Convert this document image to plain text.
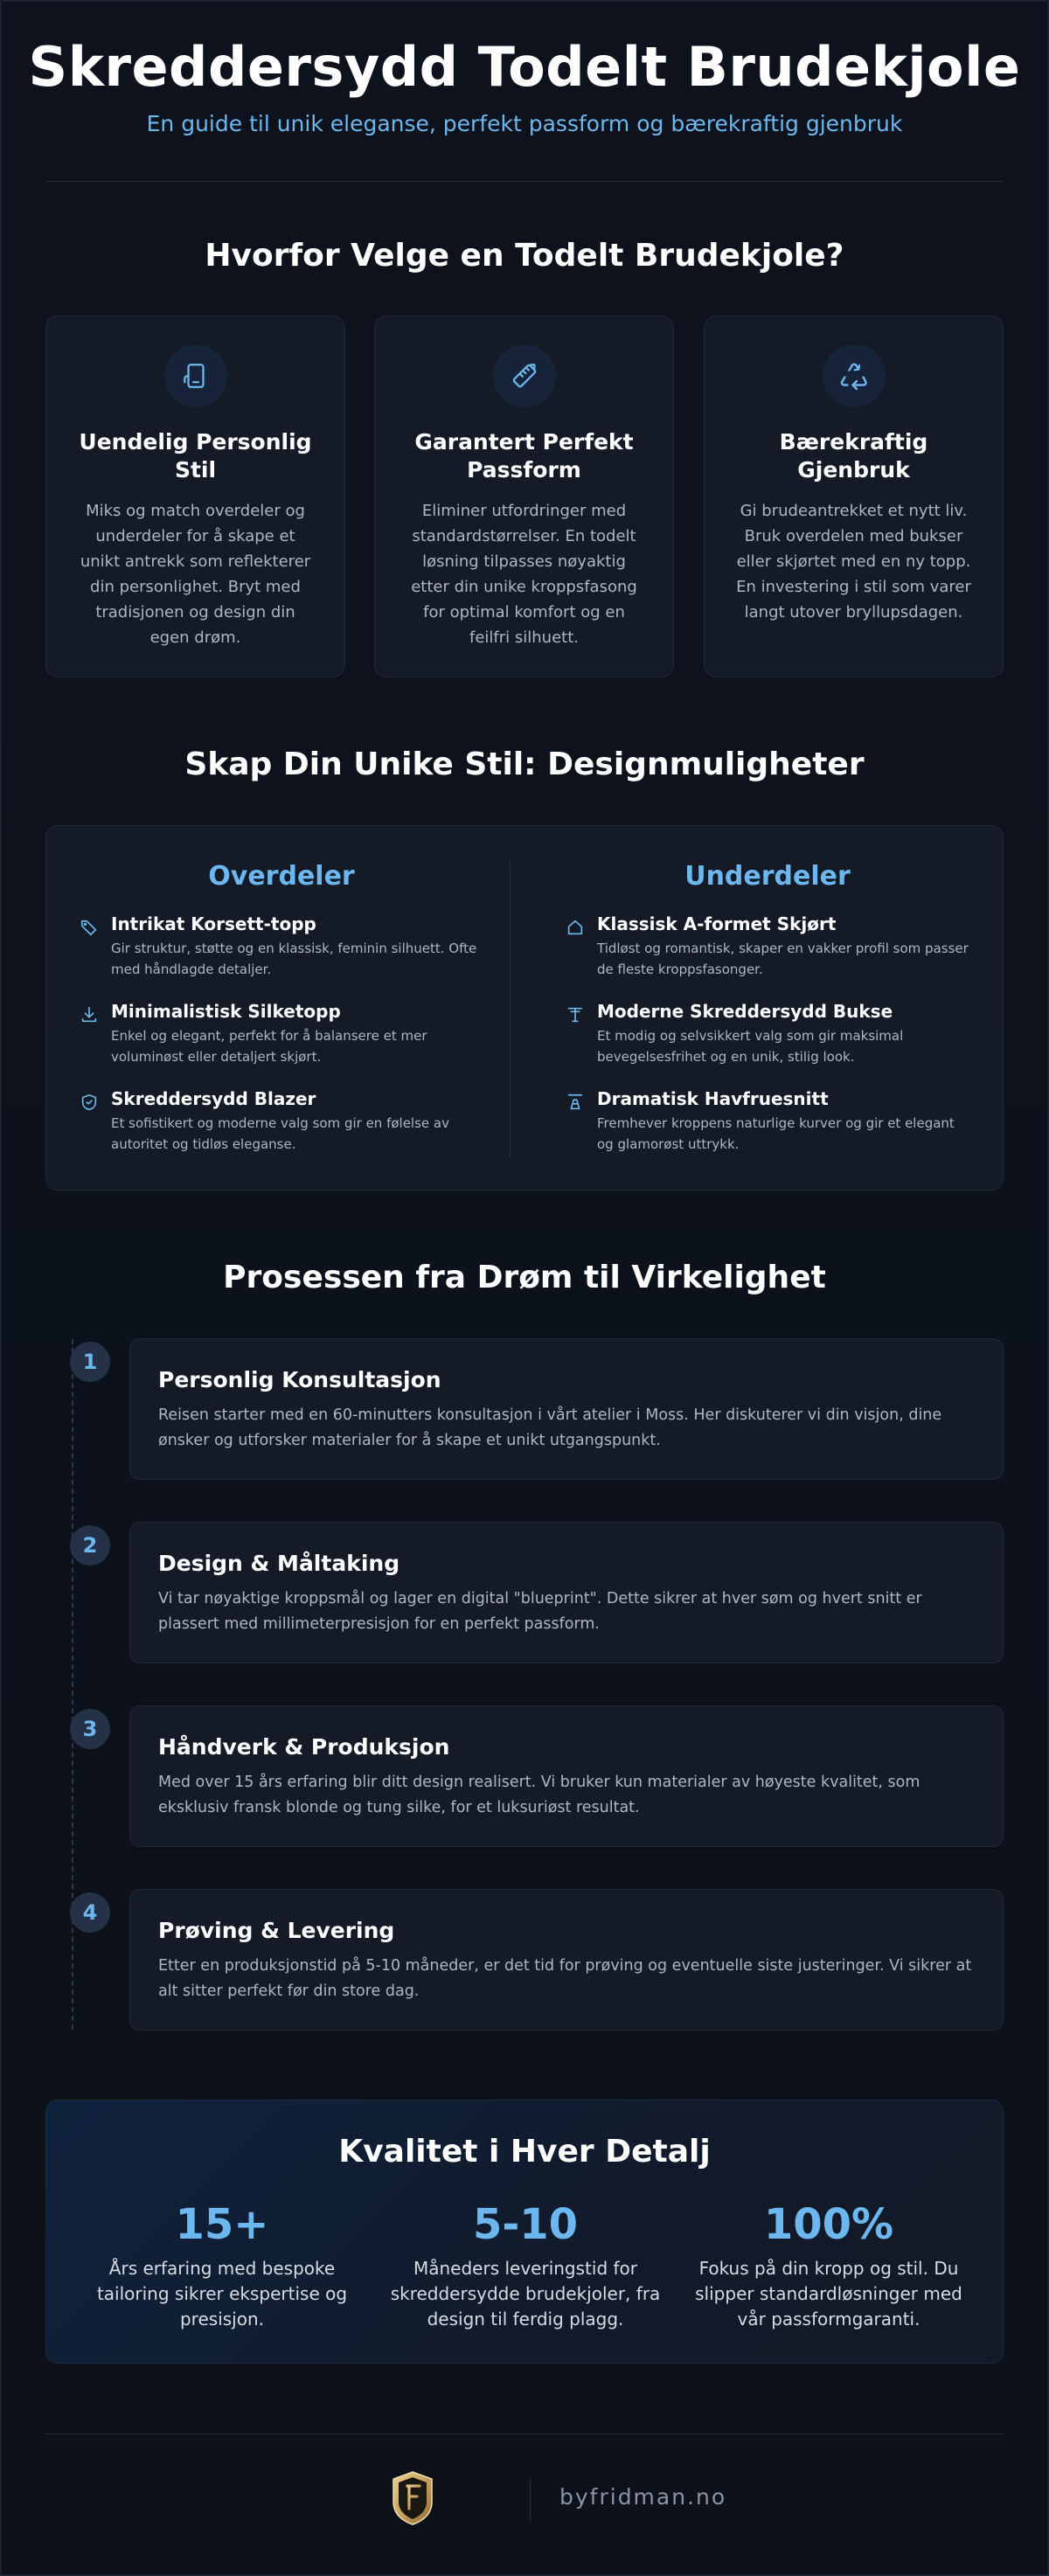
Skreddersydd Todelt Brudekjole

En guide til unik eleganse, perfekt passform og bærekraftig gjenbruk

Hvorfor Velge en Todelt Brudekjole?
Uendelig Personlig Stil

Miks og match overdeler og underdeler for å skape et unikt antrekk som reflekterer din personlighet. Bryt med tradisjonen og design din egen drøm.

Garantert Perfekt Passform

Eliminer utfordringer med standardstørrelser. En todelt løsning tilpasses nøyaktig etter din unike kroppsfasong for optimal komfort og en feilfri silhuett.

Bærekraftig Gjenbruk

Gi brudeantrekket et nytt liv. Bruk overdelen med bukser eller skjørtet med en ny topp. En investering i stil som varer langt utover bryllupsdagen.

Skap Din Unike Stil: Designmuligheter
Overdeler
Intrikat Korsett-topp

Gir struktur, støtte og en klassisk, feminin silhuett. Ofte med håndlagde detaljer.

Minimalistisk Silketopp

Enkel og elegant, perfekt for å balansere et mer voluminøst eller detaljert skjørt.

Skreddersydd Blazer

Et sofistikert og moderne valg som gir en følelse av autoritet og tidløs eleganse.

Underdeler
Klassisk A-formet Skjørt

Tidløst og romantisk, skaper en vakker profil som passer de fleste kroppsfasonger.

Moderne Skreddersydd Bukse

Et modig og selvsikkert valg som gir maksimal bevegelsesfrihet og en unik, stilig look.

Dramatisk Havfruesnitt

Fremhever kroppens naturlige kurver og gir et elegant og glamorøst uttrykk.

Prosessen fra Drøm til Virkelighet
1
Personlig Konsultasjon

Reisen starter med en 60-minutters konsultasjon i vårt atelier i Moss. Her diskuterer vi din visjon, dine ønsker og utforsker materialer for å skape et unikt utgangspunkt.

2
Design & Måltaking

Vi tar nøyaktige kroppsmål og lager en digital "blueprint". Dette sikrer at hver søm og hvert snitt er plassert med millimeterpresisjon for en perfekt passform.

3
Håndverk & Produksjon

Med over 15 års erfaring blir ditt design realisert. Vi bruker kun materialer av høyeste kvalitet, som eksklusiv fransk blonde og tung silke, for et luksuriøst resultat.

4
Prøving & Levering

Etter en produksjonstid på 5-10 måneder, er det tid for prøving og eventuelle siste justeringer. Vi sikrer at alt sitter perfekt før din store dag.

Kvalitet i Hver Detalj
15+
Års erfaring med bespoke tailoring sikrer ekspertise og presisjon.
5-10
Måneders leveringstid for skreddersydde brudekjoler, fra design til ferdig plagg.
100%
Fokus på din kropp og stil. Du slipper standardløsninger med vår passformgaranti.
byfridman.no
